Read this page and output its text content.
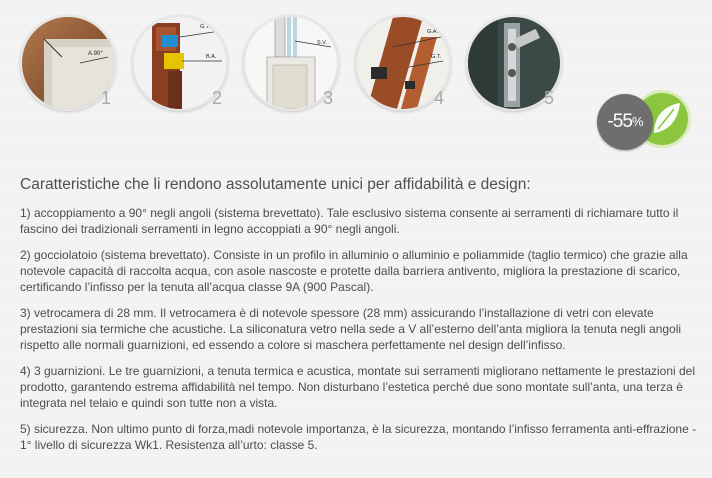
A.90°
1
G.T.T.
B.A.
2
S.V.
3
G.A.
G.T.
4	5
-55%
Caratteristiche che li rendono assolutamente unici per affidabilità e design:

1) accoppiamento a 90° negli angoli (sistema brevettato). Tale esclusivo sistema consente ai serramenti di richiamare tutto il fascino dei tradizionali serramenti in legno accoppiati a 90° negli angoli.

2) gocciolatoio (sistema brevettato). Consiste in un profilo in alluminio o alluminio e poliammide (taglio termico) che grazie alla notevole capacità di raccolta acqua, con asole nascoste e protette dalla barriera antivento, migliora la prestazione di scarico, certificando l’infisso per la tenuta all’acqua classe 9A (900 Pascal).

3) vetrocamera di 28 mm. Il vetrocamera è di notevole spessore (28 mm) assicurando l’installazione di vetri con elevate prestazioni sia termiche che acustiche. La siliconatura vetro nella sede a V all’esterno dell’anta migliora la tenuta negli angoli rispetto alle normali guarnizioni, ed essendo a colore si maschera perfettamente nel design dell’infisso.

4) 3 guarnizioni. Le tre guarnizioni, a tenuta termica e acustica, montate sui serramenti migliorano nettamente le prestazioni del prodotto, garantendo estrema affidabilità nel tempo. Non disturbano l’estetica perché due sono montate sull’anta, una terza è integrata nel telaio e quindi son tutte non a vista.

5) sicurezza. Non ultimo punto di forza,madi notevole importanza, è la sicurezza, montando l’infisso ferramenta anti-effrazione - 1° livello di sicurezza Wk1. Resistenza all’urto: classe 5.
